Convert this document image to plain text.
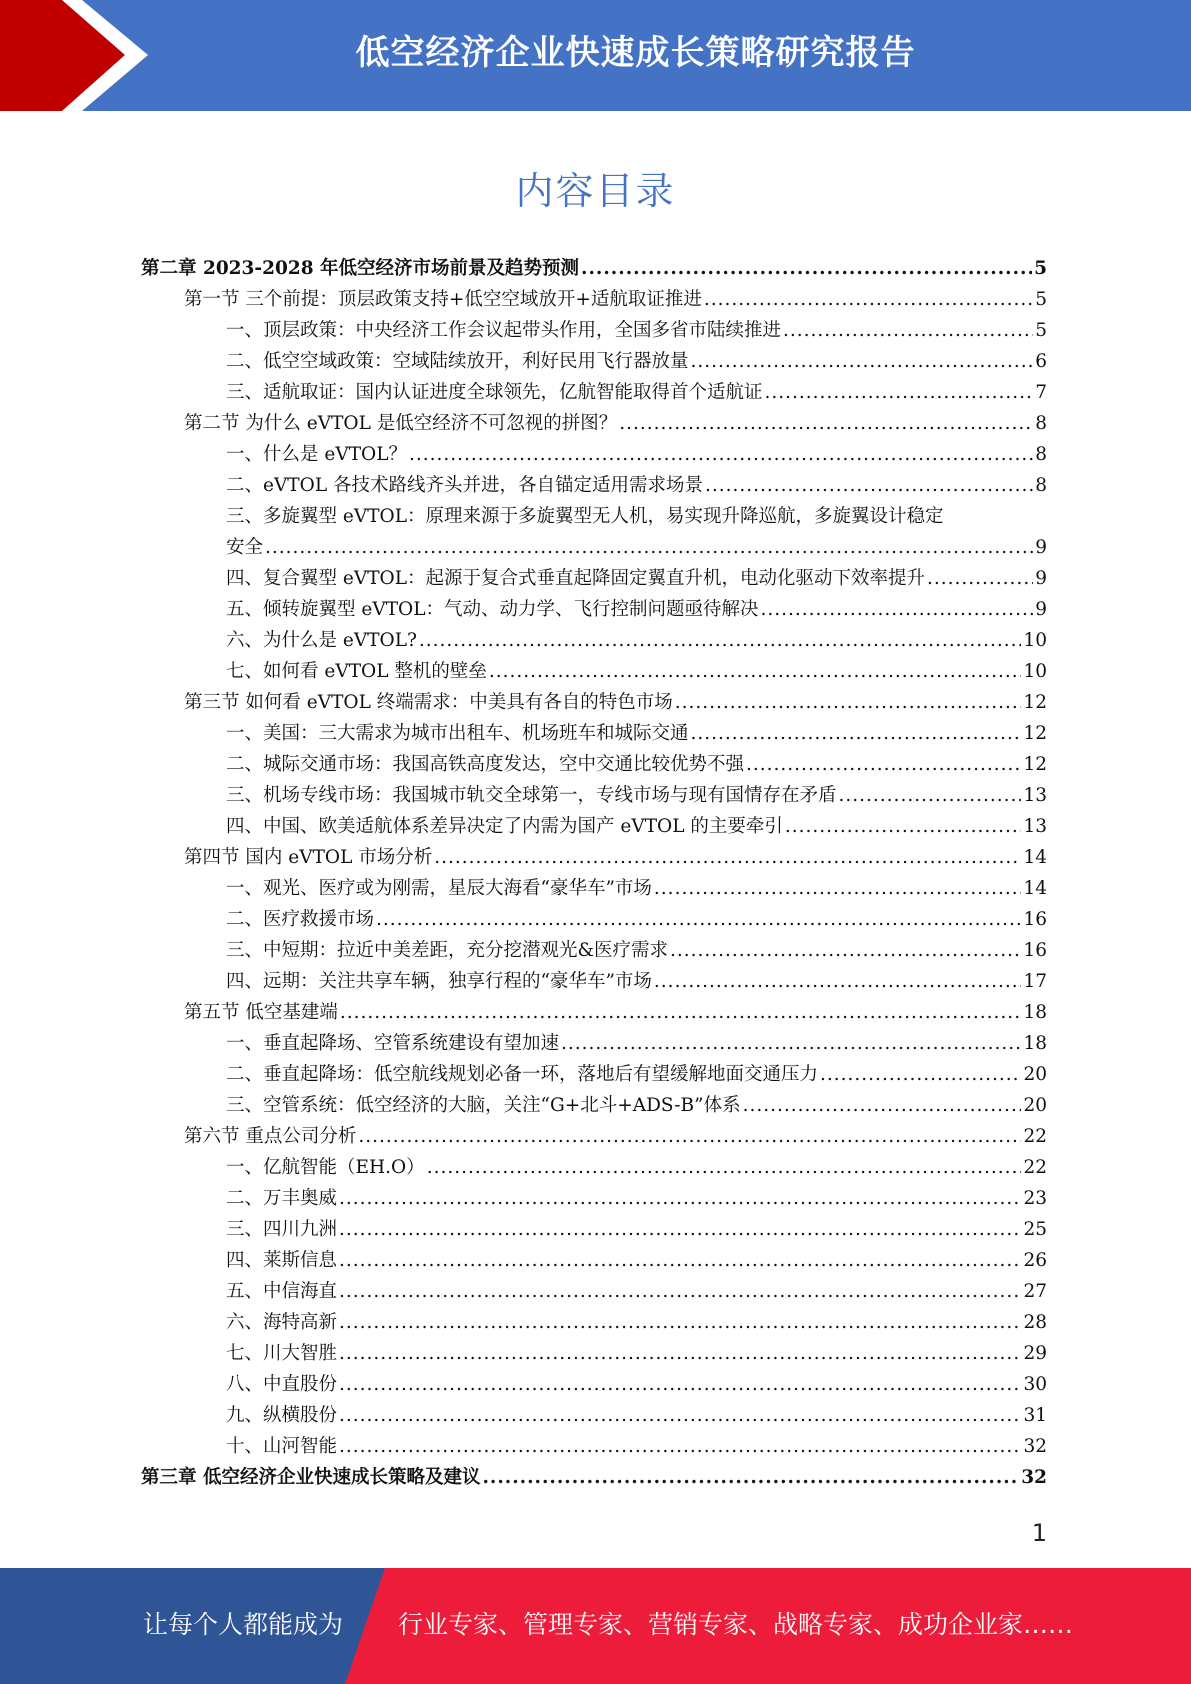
低空经济企业快速成长策略研究报告
内容目录
第二章 2023-2028 年低空经济市场前景及趋势预测 .....	5
第一节 三个前提：顶层政策支持+低空空域放开+适航取证推进 .....	5
一、顶层政策：中央经济工作会议起带头作用，全国多省市陆续推进 .....	5
二、低空空域政策：空域陆续放开，利好民用飞行器放量 .....	6
三、适航取证：国内认证进度全球领先，亿航智能取得首个适航证 .....	7
第二节 为什么 eVTOL 是低空经济不可忽视的拼图？ .....	8
一、什么是 eVTOL？ .....	8
二、eVTOL 各技术路线齐头并进，各自锚定适用需求场景 .....	8
三、多旋翼型 eVTOL：原理来源于多旋翼型无人机，易实现升降巡航，多旋翼设计稳定
安全 .....	9
四、复合翼型 eVTOL：起源于复合式垂直起降固定翼直升机，电动化驱动下效率提升 .....	9
五、倾转旋翼型 eVTOL：气动、动力学、飞行控制问题亟待解决 .....	9
六、为什么是 eVTOL? .....	10
七、如何看 eVTOL 整机的壁垒 .....	10
第三节 如何看 eVTOL 终端需求：中美具有各自的特色市场 .....	12
一、美国：三大需求为城市出租车、机场班车和城际交通 .....	12
二、城际交通市场：我国高铁高度发达，空中交通比较优势不强 .....	12
三、机场专线市场：我国城市轨交全球第一，专线市场与现有国情存在矛盾 .....	13
四、中国、欧美适航体系差异决定了内需为国产 eVTOL 的主要牵引 .....	13
第四节 国内 eVTOL 市场分析 .....	14
一、观光、医疗或为刚需，星辰大海看“豪华车”市场 .....	14
二、医疗救援市场 .....	16
三、中短期：拉近中美差距，充分挖潜观光&医疗需求 .....	16
四、远期：关注共享车辆，独享行程的“豪华车”市场 .....	17
第五节 低空基建端 .....	18
一、垂直起降场、空管系统建设有望加速 .....	18
二、垂直起降场：低空航线规划必备一环，落地后有望缓解地面交通压力 .....	20
三、空管系统：低空经济的大脑，关注“G+北斗+ADS-B”体系 .....	20
第六节 重点公司分析 .....	22
一、亿航智能（EH.O） .....	22
二、万丰奥威 .....	23
三、四川九洲 .....	25
四、莱斯信息 .....	26
五、中信海直 .....	27
六、海特高新 .....	28
七、川大智胜 .....	29
八、中直股份 .....	30
九、纵横股份 .....	31
十、山河智能 .....	32
第三章 低空经济企业快速成长策略及建议 .....	32
1
让每个人都能成为 行业专家、管理专家、营销专家、战略专家、成功企业家……
